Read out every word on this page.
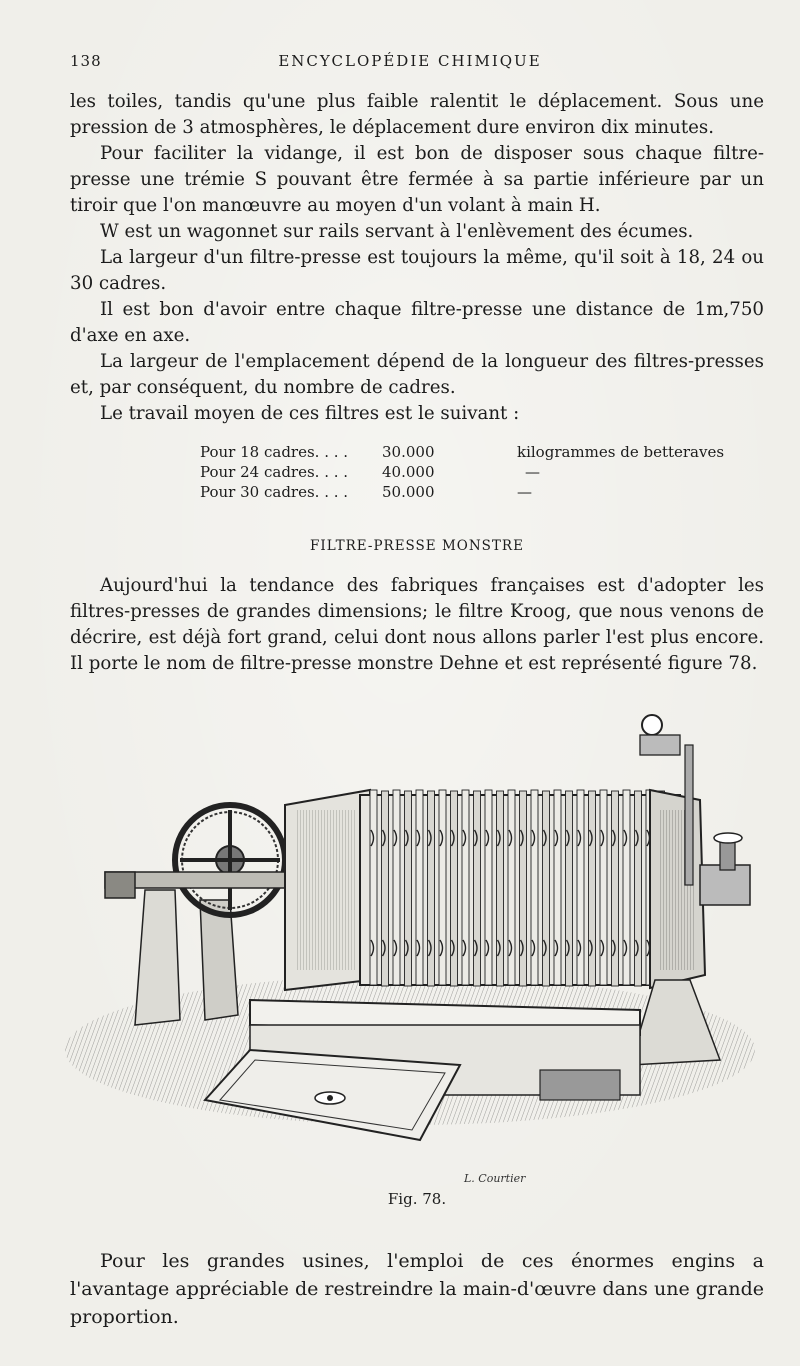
138	ENCYCLOPÉDIE CHIMIQUE

les toiles, tandis qu'une plus faible ralentit le déplacement. Sous une pression de 3 atmosphères, le déplacement dure environ dix minutes.

Pour faciliter la vidange, il est bon de disposer sous chaque filtre-presse une trémie S pouvant être fermée à sa partie inférieure par un tiroir que l'on manœuvre au moyen d'un volant à main H.

W est un wagonnet sur rails servant à l'enlèvement des écumes.

La largeur d'un filtre-presse est toujours la même, qu'il soit à 18, 24 ou 30 cadres.

Il est bon d'avoir entre chaque filtre-presse une distance de 1m,750 d'axe en axe.

La largeur de l'emplacement dépend de la longueur des filtres-presses et, par conséquent, du nombre de cadres.

Le travail moyen de ces filtres est le suivant :

Pour 18 cadres. . . .	30.000	kilogrammes de betteraves
Pour 24 cadres. . . .	40.000	—
Pour 30 cadres. . . .	50.000	—
FILTRE-PRESSE MONSTRE

Aujourd'hui la tendance des fabriques françaises est d'adopter les filtres-presses de grandes dimensions; le filtre Kroog, que nous venons de décrire, est déjà fort grand, celui dont nous allons parler l'est plus encore. Il porte le nom de filtre-presse monstre Dehne et est représenté figure 78.

L. Courtier
Fig. 78.

Pour les grandes usines, l'emploi de ces énormes engins a l'avantage appréciable de restreindre la main-d'œuvre dans une grande proportion.
